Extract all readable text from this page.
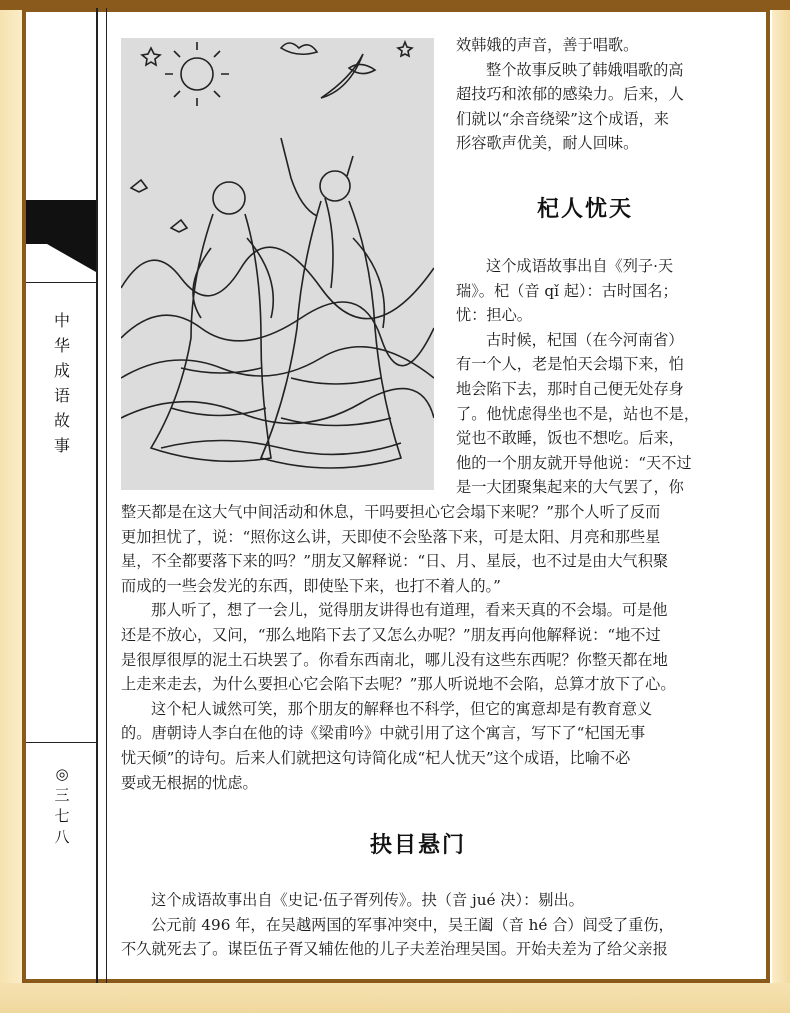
中华成语故事
◎
三七八

效韩娥的声音，善于唱歌。

整个故事反映了韩娥唱歌的高

超技巧和浓郁的感染力。后来，人

们就以“余音绕梁”这个成语，来

形容歌声优美，耐人回味。

杞人忧天

这个成语故事出自《列子·天

瑞》。杞（音 qǐ 起）：古时国名；

忧：担心。

古时候，杞国（在今河南省）

有一个人，老是怕天会塌下来，怕

地会陷下去，那时自己便无处存身

了。他忧虑得坐也不是，站也不是，

觉也不敢睡，饭也不想吃。后来，

他的一个朋友就开导他说：“天不过

是一大团聚集起来的大气罢了，你

整天都是在这大气中间活动和休息，干吗要担心它会塌下来呢？”那个人听了反而

更加担忧了，说：“照你这么讲，天即使不会坠落下来，可是太阳、月亮和那些星

星，不全都要落下来的吗？”朋友又解释说：“日、月、星辰，也不过是由大气积聚

而成的一些会发光的东西，即使坠下来，也打不着人的。”

那人听了，想了一会儿，觉得朋友讲得也有道理，看来天真的不会塌。可是他

还是不放心，又问，“那么地陷下去了又怎么办呢？”朋友再向他解释说：“地不过

是很厚很厚的泥土石块罢了。你看东西南北，哪儿没有这些东西呢？你整天都在地

上走来走去，为什么要担心它会陷下去呢？”那人听说地不会陷，总算才放下了心。

这个杞人诚然可笑，那个朋友的解释也不科学，但它的寓意却是有教育意义

的。唐朝诗人李白在他的诗《梁甫吟》中就引用了这个寓言，写下了“杞国无事

忧天倾”的诗句。后来人们就把这句诗简化成“杞人忧天”这个成语，比喻不必

要或无根据的忧虑。

抉目悬门

这个成语故事出自《史记·伍子胥列传》。抉（音 jué 决）：剔出。

公元前 496 年，在吴越两国的军事冲突中，吴王阖（音 hé 合）闾受了重伤，

不久就死去了。谋臣伍子胥又辅佐他的儿子夫差治理吴国。开始夫差为了给父亲报
